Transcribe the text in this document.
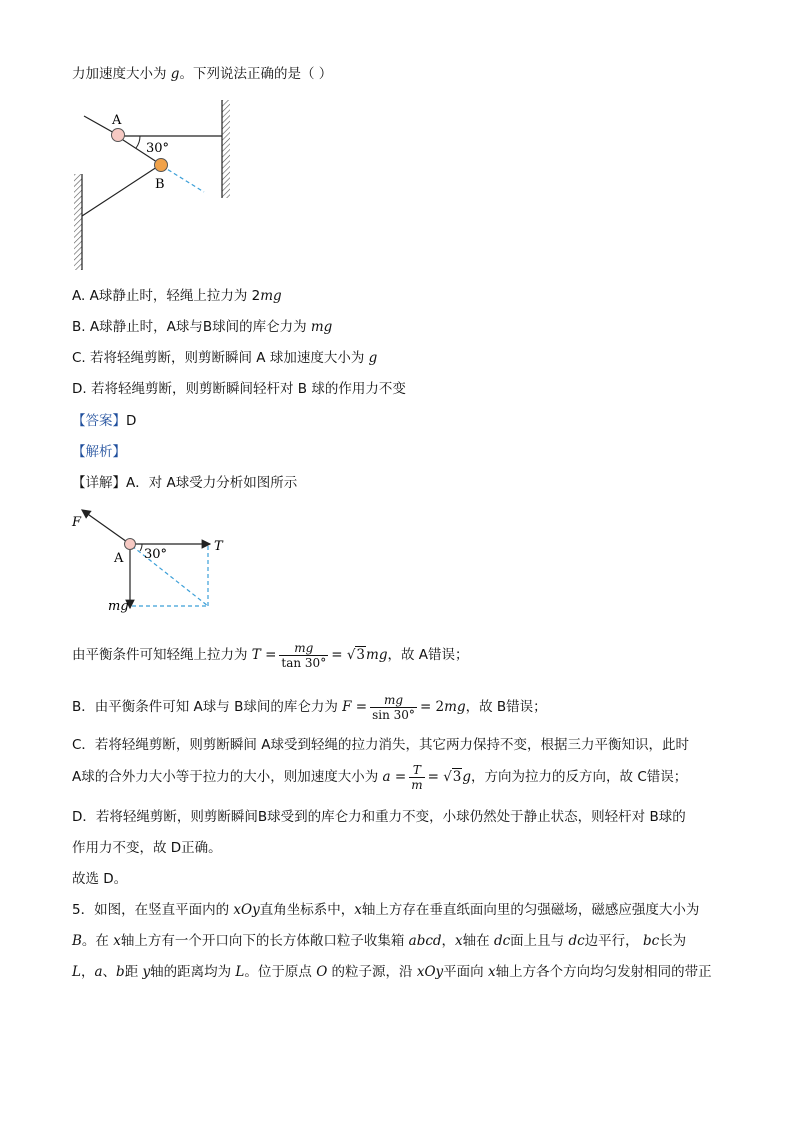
力加速度大小为 g。下列说法正确的是（ ）
A
B
30°
A. A球静止时，轻绳上拉力为 2mg
B. A球静止时，A球与B球间的库仑力为 mg
C. 若将轻绳剪断，则剪断瞬间 A 球加速度大小为 g
D. 若将轻绳剪断，则剪断瞬间轻杆对 B 球的作用力不变
【答案】D
【解析】
【详解】A．对 A球受力分析如图所示
F
A
T
mg
30°
由平衡条件可知轻绳上拉力为 $T = \frac{mg}{\tan 30^\circ} = √3mg$，故 A错误；
B．由平衡条件可知 A球与 B球间的库仑力为 $F = \frac{mg}{\sin 30^\circ} = 2mg$，故 B错误；
C．若将轻绳剪断，则剪断瞬间 A球受到轻绳的拉力消失，其它两力保持不变，根据三力平衡知识，此时
A球的合外力大小等于拉力的大小，则加速度大小为 $a = \frac{T}{m} = √3g$，方向为拉力的反方向，故 C错误；
D．若将轻绳剪断，则剪断瞬间B球受到的库仑力和重力不变，小球仍然处于静止状态，则轻杆对 B球的
作用力不变，故 D正确。
故选 D。
5．如图，在竖直平面内的 xOy直角坐标系中，x轴上方存在垂直纸面向里的匀强磁场，磁感应强度大小为
B。在 x轴上方有一个开口向下的长方体敞口粒子收集箱 abcd，x轴在 dc面上且与 dc边平行， bc长为
L，a、b距 y轴的距离均为 L。位于原点 O 的粒子源，沿 xOy平面向 x轴上方各个方向均匀发射相同的带正
